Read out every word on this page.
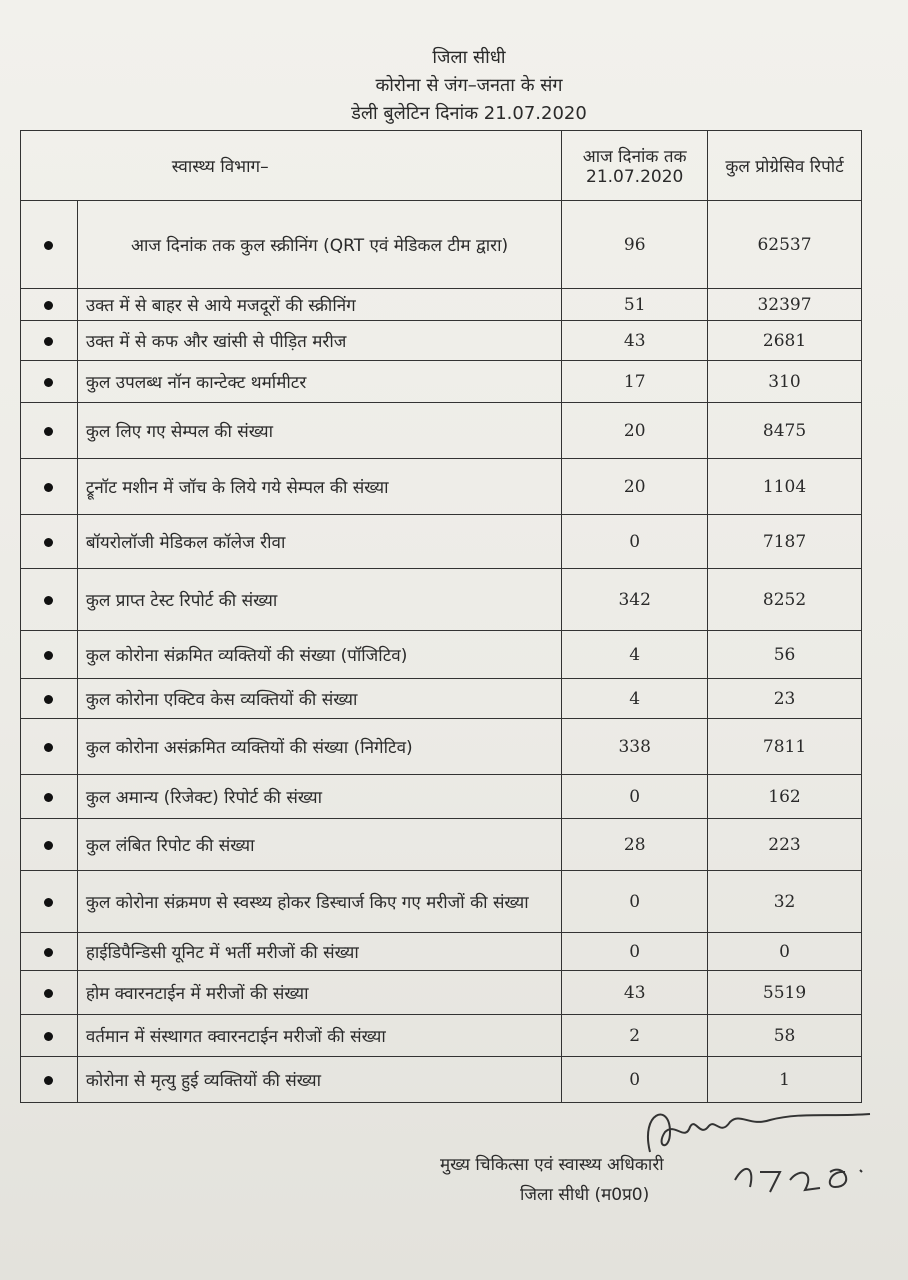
जिला सीधी
कोरोना से जंग–जनता के संग
डेली बुलेटिन दिनांक 21.07.2020
स्वास्थ्य विभाग–		आज दिनांक तक 21.07.2020	कुल प्रोग्रेसिव रिपोर्ट
	आज दिनांक तक कुल स्क्रीनिंग (QRT एवं मेडिकल टीम द्वारा)	96	62537
	उक्त में से बाहर से आये मजदूरों की स्क्रीनिंग	51	32397
	उक्त में से कफ और खांसी से पीड़ित मरीज	43	2681
	कुल उपलब्ध नॉन कान्टेक्ट थर्मामीटर	17	310
	कुल लिए गए सेम्पल की संख्या	20	8475
	ट्रूनॉट मशीन में जॉच के लिये गये सेम्पल की संख्या	20	1104
	बॉयरोलॉजी मेडिकल कॉलेज रीवा	0	7187
	कुल प्राप्त टेस्ट रिपोर्ट की संख्या	342	8252
	कुल कोरोना संक्रमित व्यक्तियों की संख्या (पॉजिटिव)	4	56
	कुल कोरोना एक्टिव केस व्यक्तियों की संख्या	4	23
	कुल कोरोना असंक्रमित व्यक्तियों की संख्या (निगेटिव)	338	7811
	कुल अमान्य (रिजेक्ट) रिपोर्ट की संख्या	0	162
	कुल लंबित रिपोट की संख्या	28	223
	कुल कोरोना संक्रमण से स्वस्थ्य होकर डिस्चार्ज किए गए मरीजों की संख्या	0	32
	हाईडिपैन्डिसी यूनिट में भर्ती मरीजों की संख्या	0	0
	होम क्वारनटाईन में मरीजों की संख्या	43	5519
	वर्तमान में संस्थागत क्वारनटाईन मरीजों की संख्या	2	58
	कोरोना से मृत्यु हुई व्यक्तियों की संख्या	0	1
मुख्य चिकित्सा एवं स्वास्थ्य अधिकारी
जिला सीधी (म0प्र0)
